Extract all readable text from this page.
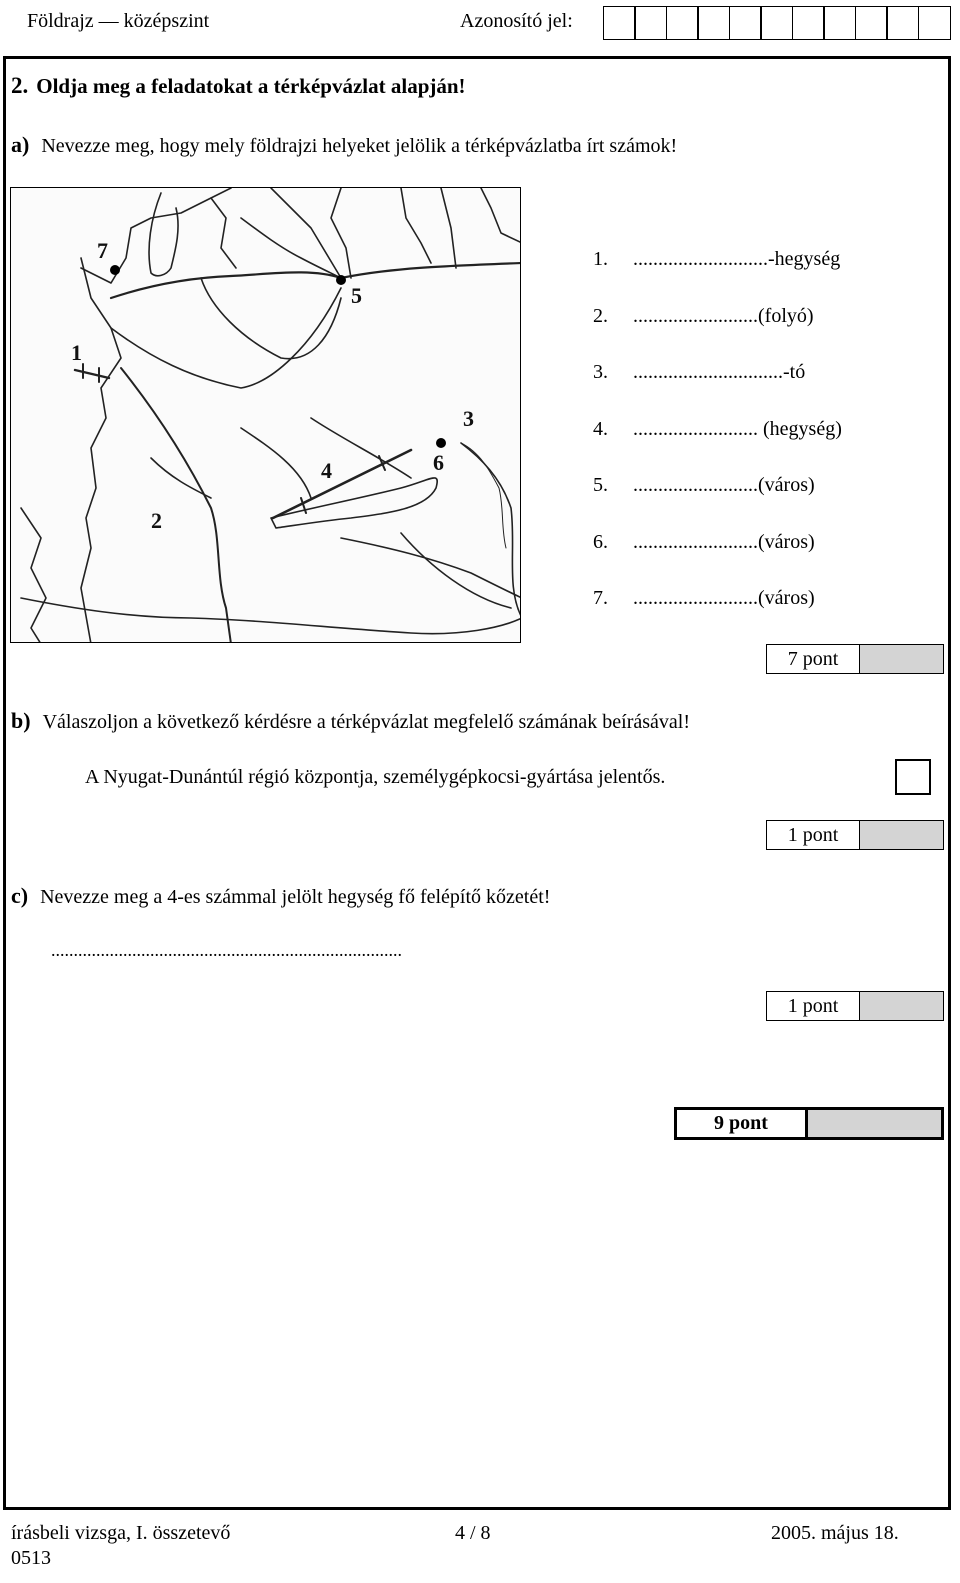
Földrajz — középszint	Azonosító jel:
2. Oldja meg a feladatokat a térképvázlat alapján!
a) Nevezze meg, hogy mely földrajzi helyeket jelölik a térképvázlatba írt számok!
1
2
3
4
5
6
7	1. ...........................-hegység
2. .........................(folyó)
3. ..............................-tó
4. ......................... (hegység)
5. .........................(város)
6. .........................(város)
7. .........................(város)
7 pont
b) Válaszoljon a következő kérdésre a térképvázlat megfelelő számának beírásával!
A Nyugat-Dunántúl régió központja, személygépkocsi-gyártása jelentős.
1 pont
c) Nevezze meg a 4-es számmal jelölt hegység fő felépítő kőzetét!
..............................................................................
1 pont
9 pont
írásbeli vizsga, I. összetevő
0513
4 / 8	2005. május 18.
